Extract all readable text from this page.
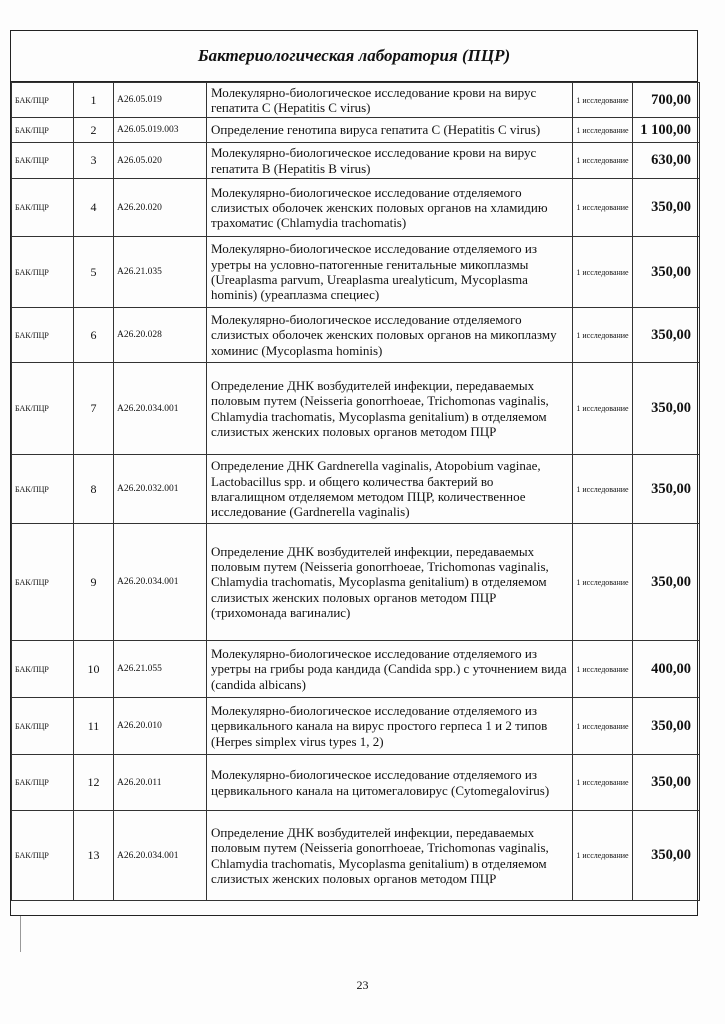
Бактериологическая лаборатория (ПЦР)
БАК/ПЦР	1	A26.05.019	Молекулярно-биологическое исследование крови на вирус гепатита С (Hepatitis C virus)	1 исследование	700,00
БАК/ПЦР	2	A26.05.019.003	Определение генотипа вируса гепатита С (Hepatitis C virus)	1 исследование	1 100,00
БАК/ПЦР	3	A26.05.020	Молекулярно-биологическое исследование крови на вирус гепатита В (Hepatitis B virus)	1 исследование	630,00
БАК/ПЦР	4	A26.20.020	Молекулярно-биологическое исследование отделяемого слизистых оболочек женских половых органов на хламидию трахоматис (Chlamydia trachomatis)	1 исследование	350,00
БАК/ПЦР	5	A26.21.035	Молекулярно-биологическое исследование отделяемого из уретры на условно-патогенные генитальные микоплазмы (Ureaplasma parvum, Ureaplasma urealyticum, Mycoplasma hominis) (уреаплазма специес)	1 исследование	350,00
БАК/ПЦР	6	A26.20.028	Молекулярно-биологическое исследование отделяемого слизистых оболочек женских половых органов на микоплазму хоминис (Mycoplasma hominis)	1 исследование	350,00
БАК/ПЦР	7	A26.20.034.001	Определение ДНК возбудителей инфекции, передаваемых половым путем (Neisseria gonorrhoeae, Trichomonas vaginalis, Chlamydia trachomatis, Mycoplasma genitalium) в отделяемом слизистых женских половых органов методом ПЦР	1 исследование	350,00
БАК/ПЦР	8	A26.20.032.001	Определение ДНК Gardnerella vaginalis, Atopobium vaginae, Lactobacillus spp. и общего количества бактерий во влагалищном отделяемом методом ПЦР, количественное исследование (Gardnerella vaginalis)	1 исследование	350,00
БАК/ПЦР	9	A26.20.034.001	Определение ДНК возбудителей инфекции, передаваемых половым путем (Neisseria gonorrhoeae, Trichomonas vaginalis, Chlamydia trachomatis, Mycoplasma genitalium) в отделяемом слизистых женских половых органов методом ПЦР (трихомонада вагиналис)	1 исследование	350,00
БАК/ПЦР	10	A26.21.055	Молекулярно-биологическое исследование отделяемого из уретры на грибы рода кандида (Candida spp.) с уточнением вида (candida albicans)	1 исследование	400,00
БАК/ПЦР	11	A26.20.010	Молекулярно-биологическое исследование отделяемого из цервикального канала на вирус простого герпеса 1 и 2 типов (Herpes simplex virus types 1, 2)	1 исследование	350,00
БАК/ПЦР	12	A26.20.011	Молекулярно-биологическое исследование отделяемого из цервикального канала на цитомегаловирус (Cytomegalovirus)	1 исследование	350,00
БАК/ПЦР	13	A26.20.034.001	Определение ДНК возбудителей инфекции, передаваемых половым путем (Neisseria gonorrhoeae, Trichomonas vaginalis, Chlamydia trachomatis, Mycoplasma genitalium) в отделяемом слизистых женских половых органов методом ПЦР	1 исследование	350,00
23
